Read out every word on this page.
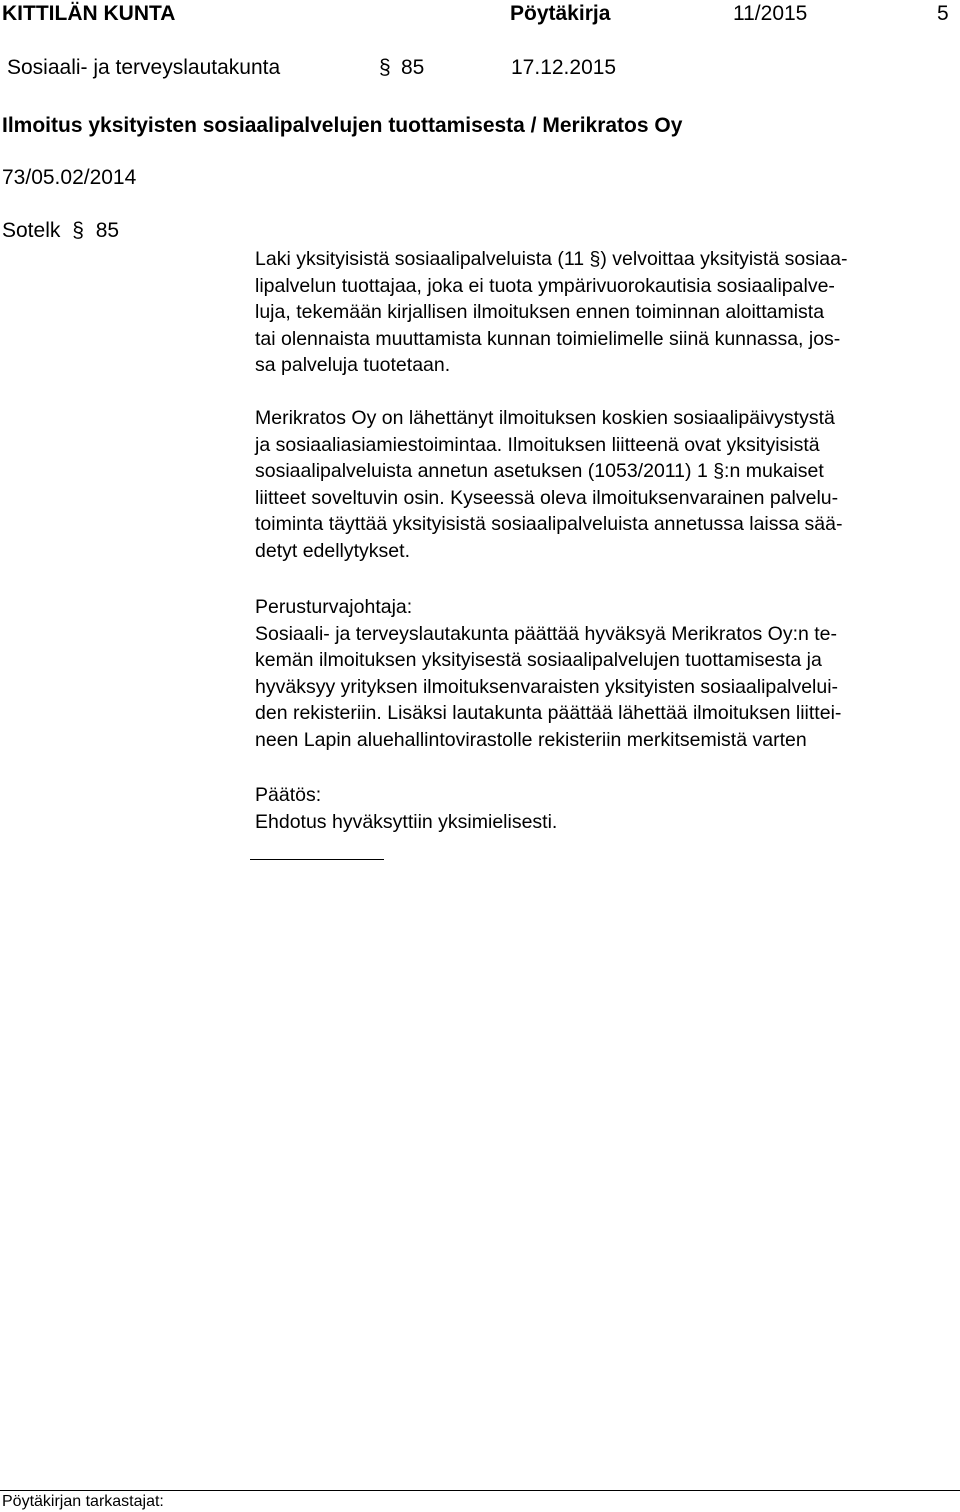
KITTILÄN KUNTA	Pöytäkirja	11/2015	5
Sosiaali- ja terveyslautakunta	§ 85	17.12.2015
Ilmoitus yksityisten sosiaalipalvelujen tuottamisesta / Merikratos Oy
73/05.02/2014
Sotelk § 85
Laki yksityisistä sosiaalipalveluista (11 §) velvoittaa yksityistä sosiaa-
lipalvelun tuottajaa, joka ei tuota ympärivuorokautisia sosiaalipalve-
luja, tekemään kirjallisen ilmoituksen ennen toiminnan aloittamista
tai olennaista muuttamista kunnan toimielimelle siinä kunnassa, jos-
sa palveluja tuotetaan.
Merikratos Oy on lähettänyt ilmoituksen koskien sosiaalipäivystystä
ja sosiaaliasiamiestoimintaa. Ilmoituksen liitteenä ovat yksityisistä
sosiaalipalveluista annetun asetuksen (1053/2011) 1 §:n mukaiset
liitteet soveltuvin osin. Kyseessä oleva ilmoituksenvarainen palvelu-
toiminta täyttää yksityisistä sosiaalipalveluista annetussa laissa sää-
detyt edellytykset.
Perusturvajohtaja:
Sosiaali- ja terveyslautakunta päättää hyväksyä Merikratos Oy:n te-
kemän ilmoituksen yksityisestä sosiaalipalvelujen tuottamisesta ja
hyväksyy yrityksen ilmoituksenvaraisten yksityisten sosiaalipalvelui-
den rekisteriin. Lisäksi lautakunta päättää lähettää ilmoituksen liittei-
neen Lapin aluehallintovirastolle rekisteriin merkitsemistä varten
Päätös:
Ehdotus hyväksyttiin yksimielisesti.
Pöytäkirjan tarkastajat:
